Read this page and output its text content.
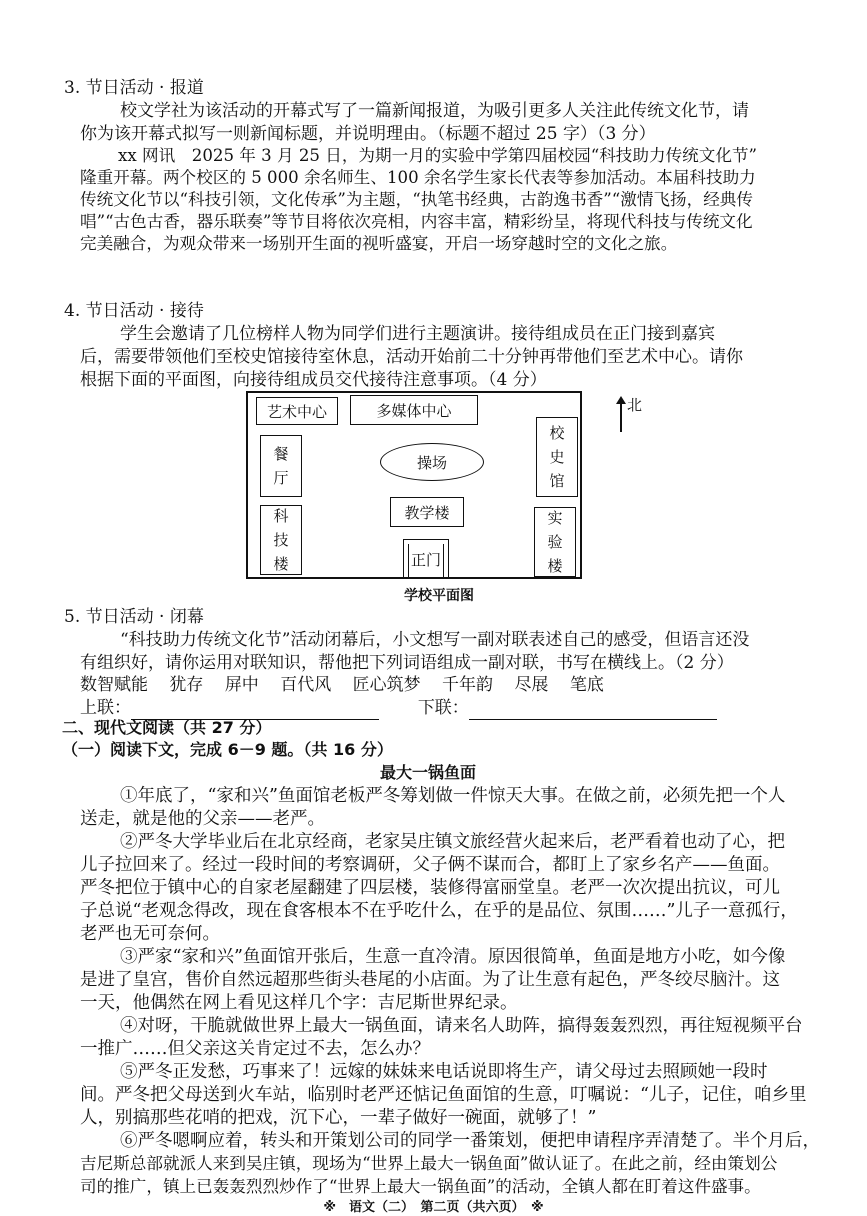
3. 节日活动 · 报道
校文学社为该活动的开幕式写了一篇新闻报道，为吸引更多人关注此传统文化节，请
你为该开幕式拟写一则新闻标题，并说明理由。（标题不超过 25 字）（3 分）
xx 网讯　2025 年 3 月 25 日，为期一月的实验中学第四届校园“科技助力传统文化节”
隆重开幕。两个校区的 5 000 余名师生、100 余名学生家长代表等参加活动。本届科技助力
传统文化节以“科技引领，文化传承”为主题，“执笔书经典，古韵逸书香”“激情飞扬，经典传
唱”“古色古香，器乐联奏”等节目将依次亮相，内容丰富，精彩纷呈，将现代科技与传统文化
完美融合，为观众带来一场别开生面的视听盛宴，开启一场穿越时空的文化之旅。
4. 节日活动 · 接待
学生会邀请了几位榜样人物为同学们进行主题演讲。接待组成员在正门接到嘉宾
后，需要带领他们至校史馆接待室休息，活动开始前二十分钟再带他们至艺术中心。请你
根据下面的平面图，向接待组成员交代接待注意事项。（4 分）
艺术中心	多媒体中心
餐
厅
操场
校
史
馆
教学楼
科
技
楼	正门
实
验
楼
北
学校平面图
5. 节日活动 · 闭幕
“科技助力传统文化节”活动闭幕后，小文想写一副对联表述自己的感受，但语言还没
有组织好，请你运用对联知识，帮他把下列词语组成一副对联，书写在横线上。（2 分）
数智赋能 犹存 屏中 百代风 匠心筑梦 千年韵 尽展 笔底
上联：	下联：
二、现代文阅读（共 27 分）
（一）阅读下文，完成 6－9 题。（共 16 分）
最大一锅鱼面
①年底了，“家和兴”鱼面馆老板严冬筹划做一件惊天大事。在做之前，必须先把一个人
送走，就是他的父亲——老严。
②严冬大学毕业后在北京经商，老家吴庄镇文旅经营火起来后，老严看着也动了心，把
儿子拉回来了。经过一段时间的考察调研，父子俩不谋而合，都盯上了家乡名产——鱼面。
严冬把位于镇中心的自家老屋翻建了四层楼，装修得富丽堂皇。老严一次次提出抗议，可儿
子总说“老观念得改，现在食客根本不在乎吃什么，在乎的是品位、氛围……”儿子一意孤行，
老严也无可奈何。
③严家“家和兴”鱼面馆开张后，生意一直冷清。原因很简单，鱼面是地方小吃，如今像
是进了皇宫，售价自然远超那些街头巷尾的小店面。为了让生意有起色，严冬绞尽脑汁。这
一天，他偶然在网上看见这样几个字：吉尼斯世界纪录。
④对呀，干脆就做世界上最大一锅鱼面，请来名人助阵，搞得轰轰烈烈，再往短视频平台
一推广……但父亲这关肯定过不去，怎么办？
⑤严冬正发愁，巧事来了！远嫁的妹妹来电话说即将生产，请父母过去照顾她一段时
间。严冬把父母送到火车站，临别时老严还惦记鱼面馆的生意，叮嘱说：“儿子，记住，咱乡里
人，别搞那些花哨的把戏，沉下心，一辈子做好一碗面，就够了！”
⑥严冬嗯啊应着，转头和开策划公司的同学一番策划，便把申请程序弄清楚了。半个月后，
吉尼斯总部就派人来到吴庄镇，现场为“世界上最大一锅鱼面”做认证了。在此之前，经由策划公
司的推广，镇上已轰轰烈烈炒作了“世界上最大一锅鱼面”的活动，全镇人都在盯着这件盛事。
※　语文（二）　第二页（共六页）　※
